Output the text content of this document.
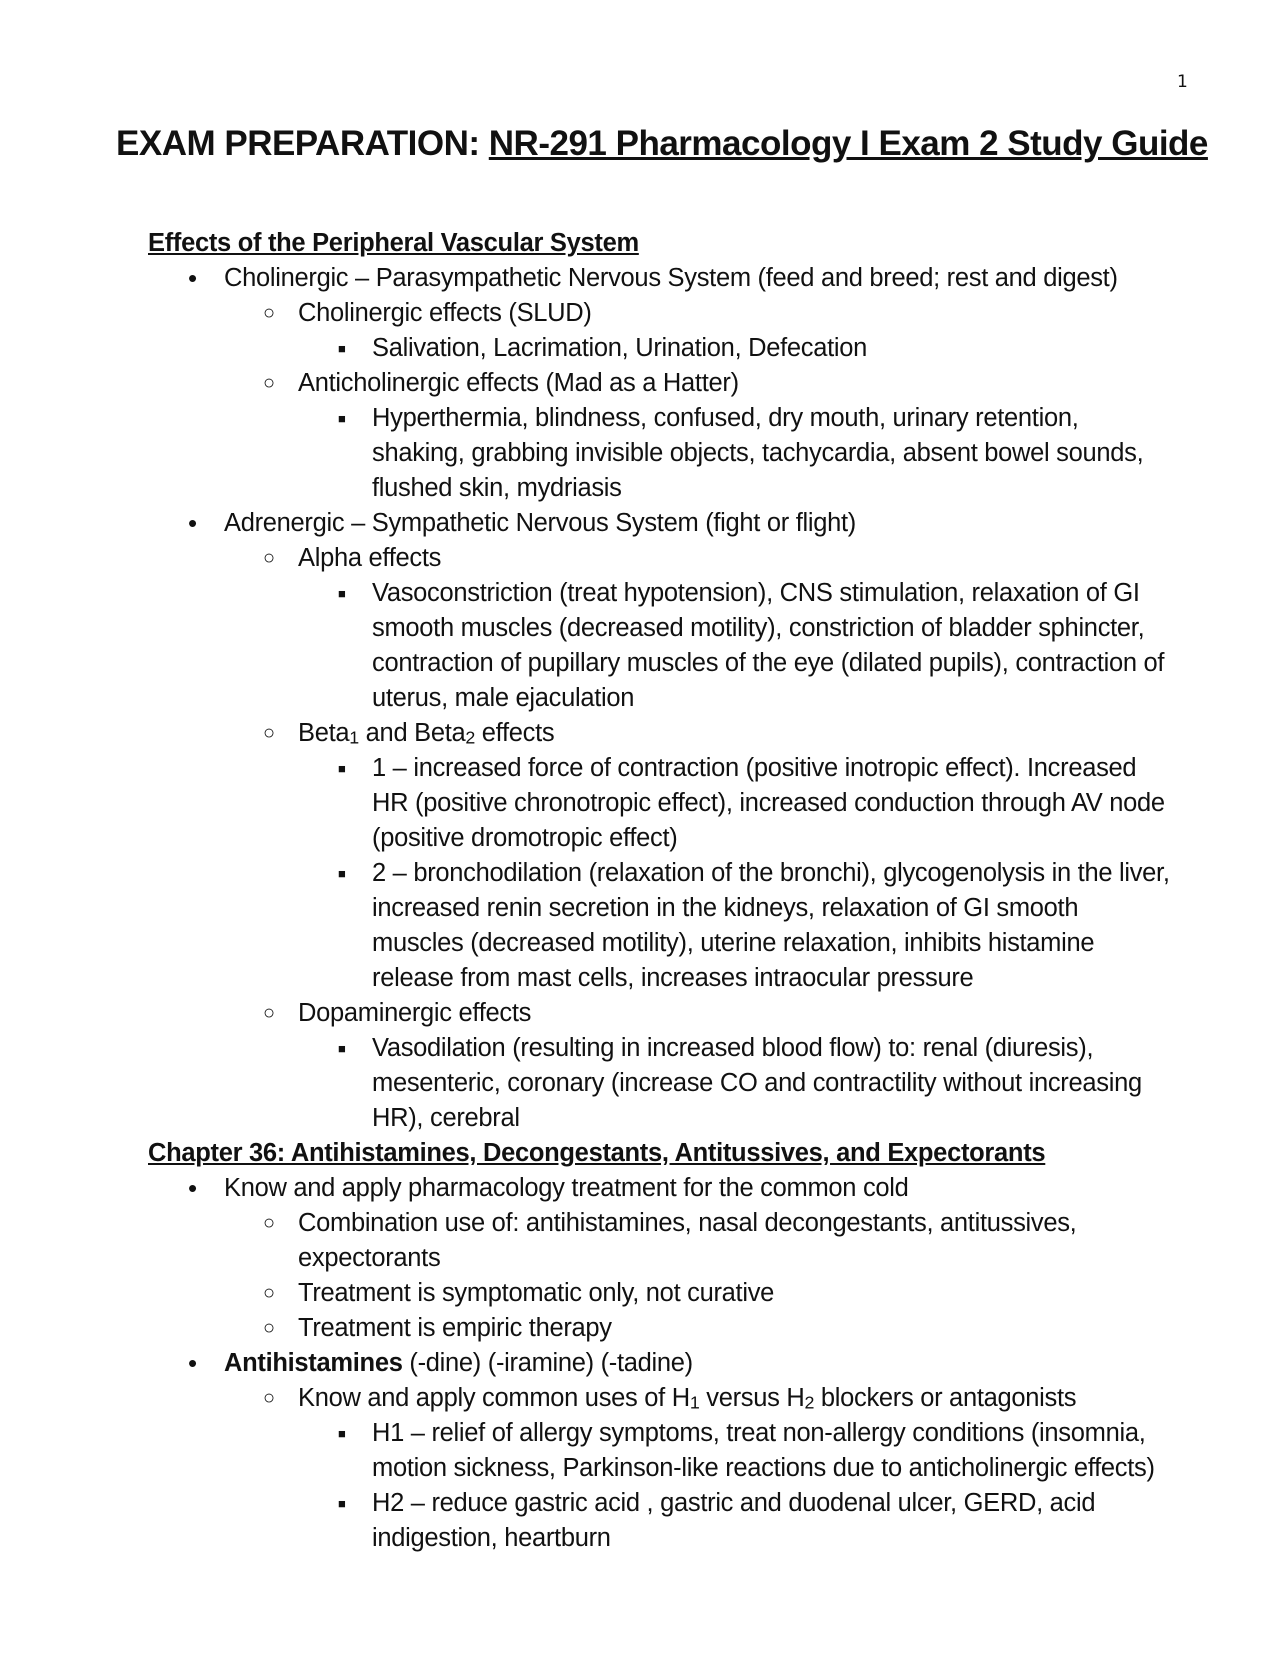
1
EXAM PREPARATION: NR-291 Pharmacology I Exam 2 Study Guide
Effects of the Peripheral Vascular System
• Cholinergic – Parasympathetic Nervous System (feed and breed; rest and digest)
○ Cholinergic effects (SLUD)
■ Salivation, Lacrimation, Urination, Defecation
○ Anticholinergic effects (Mad as a Hatter)
■ Hyperthermia, blindness, confused, dry mouth, urinary retention,
shaking, grabbing invisible objects, tachycardia, absent bowel sounds,
flushed skin, mydriasis
• Adrenergic – Sympathetic Nervous System (fight or flight)
○ Alpha effects
■ Vasoconstriction (treat hypotension), CNS stimulation, relaxation of GI
smooth muscles (decreased motility), constriction of bladder sphincter,
contraction of pupillary muscles of the eye (dilated pupils), contraction of
uterus, male ejaculation
○ Beta$_1$ and Beta$_2$ effects
■ 1 – increased force of contraction (positive inotropic effect). Increased
HR (positive chronotropic effect), increased conduction through AV node
(positive dromotropic effect)
■ 2 – bronchodilation (relaxation of the bronchi), glycogenolysis in the liver,
increased renin secretion in the kidneys, relaxation of GI smooth
muscles (decreased motility), uterine relaxation, inhibits histamine
release from mast cells, increases intraocular pressure
○ Dopaminergic effects
■ Vasodilation (resulting in increased blood flow) to: renal (diuresis),
mesenteric, coronary (increase CO and contractility without increasing
HR), cerebral
Chapter 36: Antihistamines, Decongestants, Antitussives, and Expectorants
• Know and apply pharmacology treatment for the common cold
○ Combination use of: antihistamines, nasal decongestants, antitussives,
expectorants
○ Treatment is symptomatic only, not curative
○ Treatment is empiric therapy
• Antihistamines (-dine) (-iramine) (-tadine)
○ Know and apply common uses of $H_1$ versus $H_2$ blockers or antagonists
■ H1 – relief of allergy symptoms, treat non-allergy conditions (insomnia,
motion sickness, Parkinson-like reactions due to anticholinergic effects)
■ H2 – reduce gastric acid , gastric and duodenal ulcer, GERD, acid
indigestion, heartburn
